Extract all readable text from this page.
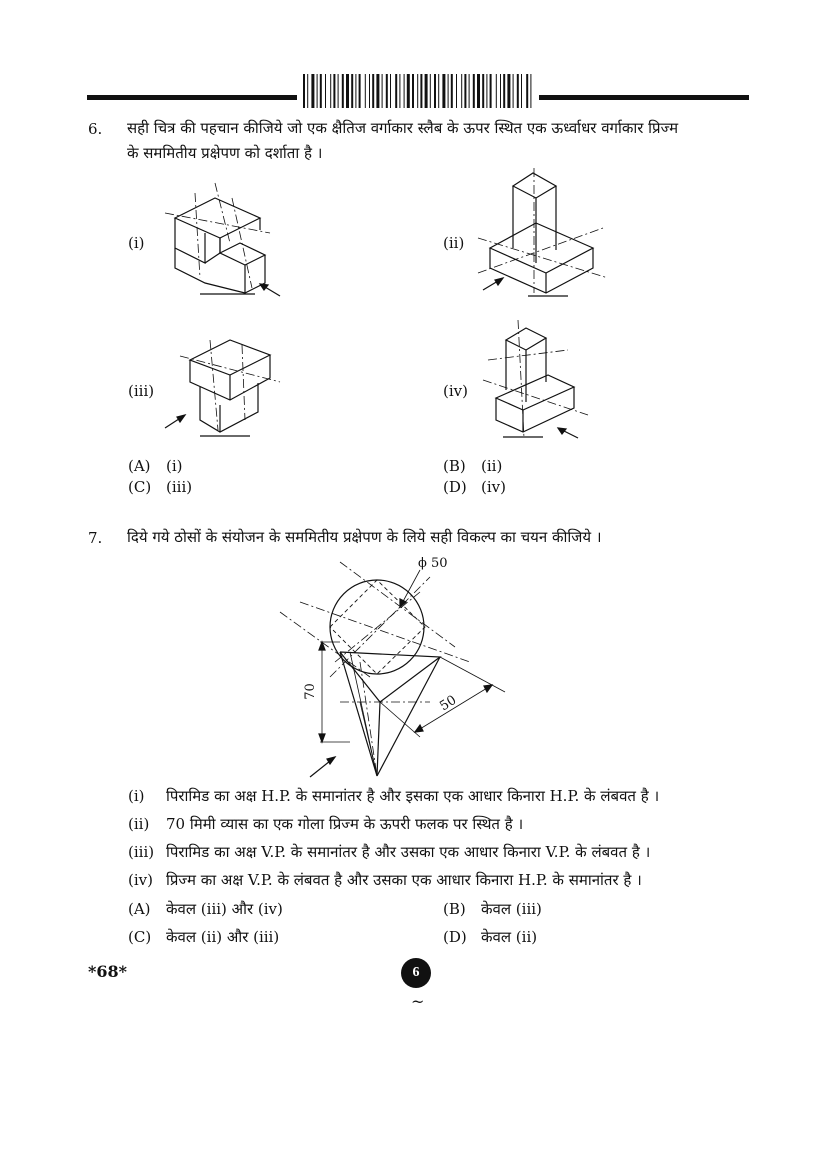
6. सही चित्र की पहचान कीजिये जो एक क्षैतिज वर्गाकार स्लैब के ऊपर स्थित एक ऊर्ध्वाधर वर्गाकार प्रिज्म
के सममितीय प्रक्षेपण को दर्शाता है ।
(i)	(ii)
(iii)	(iv)
(A) (i)	(B) (ii)
(C) (iii)	(D) (iv)
7. दिये गये ठोसों के संयोजन के सममितीय प्रक्षेपण के लिये सही विकल्प का चयन कीजिये ।
ϕ 50
70
50
(i) पिरामिड का अक्ष H.P. के समानांतर है और इसका एक आधार किनारा H.P. के लंबवत है ।
(ii) 70 मिमी व्यास का एक गोला प्रिज्म के ऊपरी फलक पर स्थित है ।
(iii) पिरामिड का अक्ष V.P. के समानांतर है और उसका एक आधार किनारा V.P. के लंबवत है ।
(iv) प्रिज्म का अक्ष V.P. के लंबवत है और उसका एक आधार किनारा H.P. के समानांतर है ।
(A) केवल (iii) और (iv)	(B) केवल (iii)
(C) केवल (ii) और (iii)	(D) केवल (ii)
*68*	6
~
